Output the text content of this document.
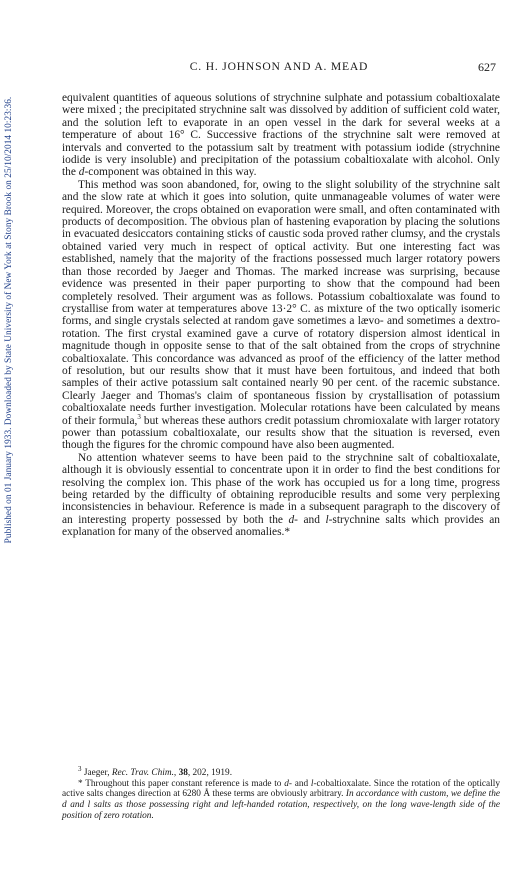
Published on 01 January 1933. Downloaded by State University of New York at Stony Brook on 25/10/2014 10:23:36.
C. H. JOHNSON AND A. MEAD	627

equivalent quantities of aqueous solutions of strychnine sulphate and potassium cobaltioxalate were mixed ; the precipitated strychnine salt was dissolved by addition of sufficient cold water, and the solution left to evaporate in an open vessel in the dark for several weeks at a temperature of about 16° C. Successive fractions of the strychnine salt were removed at intervals and converted to the potassium salt by treatment with potassium iodide (strychnine iodide is very insoluble) and precipitation of the potassium cobaltioxalate with alcohol. Only the d-component was obtained in this way.

This method was soon abandoned, for, owing to the slight solubility of the strychnine salt and the slow rate at which it goes into solution, quite unmanageable volumes of water were required. Moreover, the crops obtained on evaporation were small, and often contaminated with products of decomposition. The obvious plan of hastening evaporation by placing the solutions in evacuated desiccators containing sticks of caustic soda proved rather clumsy, and the crystals obtained varied very much in respect of optical activity. But one interesting fact was established, namely that the majority of the fractions possessed much larger rotatory powers than those recorded by Jaeger and Thomas. The marked increase was surprising, because evidence was presented in their paper purporting to show that the compound had been completely resolved. Their argument was as follows. Potassium cobaltioxalate was found to crystallise from water at temperatures above 13·2° C. as mixture of the two optically isomeric forms, and single crystals selected at random gave sometimes a lævo- and sometimes a dextro-rotation. The first crystal examined gave a curve of rotatory dispersion almost identical in magnitude though in opposite sense to that of the salt obtained from the crops of strychnine cobaltioxalate. This concordance was advanced as proof of the efficiency of the latter method of resolution, but our results show that it must have been fortuitous, and indeed that both samples of their active potassium salt contained nearly 90 per cent. of the racemic substance. Clearly Jaeger and Thomas's claim of spontaneous fission by crystallisation of potassium cobaltioxalate needs further investigation. Molecular rotations have been calculated by means of their formula,$^3$ but whereas these authors credit potassium chromioxalate with larger rotatory power than potassium cobaltioxalate, our results show that the situation is reversed, even though the figures for the chromic compound have also been augmented.

No attention whatever seems to have been paid to the strychnine salt of cobaltioxalate, although it is obviously essential to concentrate upon it in order to find the best conditions for resolving the complex ion. This phase of the work has occupied us for a long time, progress being retarded by the difficulty of obtaining reproducible results and some very perplexing inconsistencies in behaviour. Reference is made in a subsequent paragraph to the discovery of an interesting property possessed by both the d- and l-strychnine salts which provides an explanation for many of the observed anomalies.*

$^3$ Jaeger, Rec. Trav. Chim., 38, 202, 1919.

* Throughout this paper constant reference is made to d- and l-cobaltioxalate. Since the rotation of the optically active salts changes direction at 6280 Å these terms are obviously arbitrary. In accordance with custom, we define the d and l salts as those possessing right and left-handed rotation, respectively, on the long wave-length side of the position of zero rotation.
